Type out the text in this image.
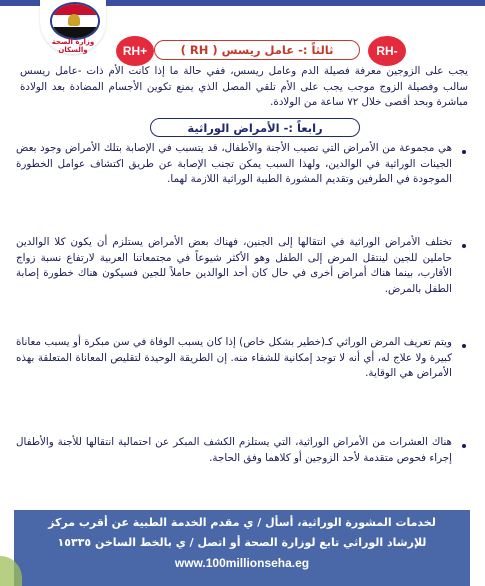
وزارة الصحة والسكان	RH+	RH-
ثالثاً :- عامل ريسس ( RH )
يجب على الزوجين معرفة فصيلة الدم وعامل ريسس، ففي حالة ما إذا كانت الأم ذات -عامل ريسس سالب وفصيلة الزوج موجب يجب على الأم تلقي المصل الذي يمنع تكوين الأجسام المضادة بعد الولادة مباشرة وبحد أقصى خلال ٧٢ ساعة من الولادة.
رابعاً :- الأمراض الوراثية
هي مجموعة من الأمراض التي تصيب الأجنة والأطفال، قد يتسبب في الإصابة بتلك الأمراض وجود بعض الجينات الوراثية في الوالدين، ولهذا السبب يمكن تجنب الإصابة عن طريق اكتشاف عوامل الخطورة الموجودة في الطرفين وتقديم المشورة الطبية الوراثية اللازمة لهما.
تختلف الأمراض الوراثية في انتقالها إلى الجنين، فهناك بعض الأمراض يستلزم أن يكون كلا الوالدين حاملين للجين لينتقل المرض إلى الطفل وهو الأكثر شيوعاً في مجتمعاتنا العربية لارتفاع نسبة زواج الأقارب، بينما هناك أمراض أخرى في حال كان أحد الوالدين حاملاً للجين فسيكون هناك خطورة إصابة الطفل بالمرض.
ويتم تعريف المرض الوراثي كـ(خطير بشكل خاص) إذا كان يسبب الوفاة في سن مبكرة أو يسبب معاناة كبيرة ولا علاج له، أي أنه لا توجد إمكانية للشفاء منه. إن الطريقة الوحيدة لتقليص المعاناة المتعلقة بهذه الأمراض هي الوقاية.
هناك العشرات من الأمراض الوراثية، التي يستلزم الكشف المبكر عن احتمالية انتقالها للأجنة والأطفال إجراء فحوص متقدمة لأحد الزوجين أو كلاهما وفق الحاجة.
لخدمات المشورة الوراثية، أسأل / ي مقدم الخدمة الطبية عن أقرب مركز
للإرشاد الوراثي تابع لوزارة الصحة أو اتصل / ي بالخط الساخن ١٥٣٣٥
www.100millionseha.eg
